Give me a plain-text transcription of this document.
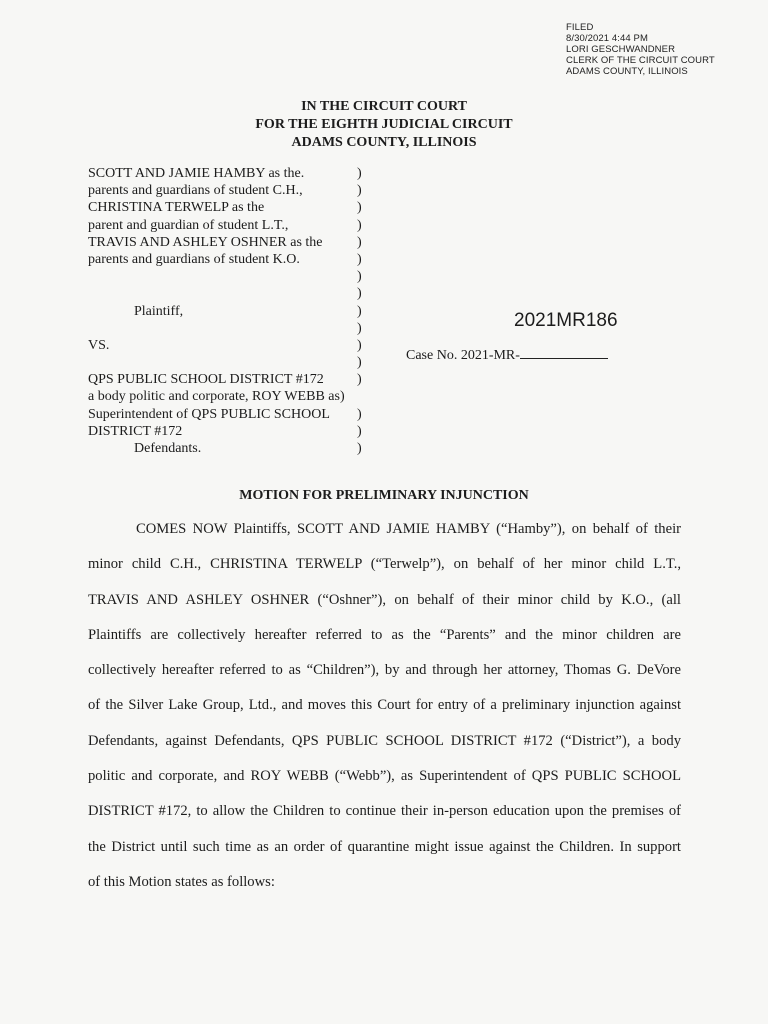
FILED
8/30/2021 4:44 PM
LORI GESCHWANDNER
CLERK OF THE CIRCUIT COURT
ADAMS COUNTY, ILLINOIS
IN THE CIRCUIT COURT
FOR THE EIGHTH JUDICIAL CIRCUIT
ADAMS COUNTY, ILLINOIS
SCOTT AND JAMIE HAMBY as the.
parents and guardians of student C.H.,
CHRISTINA TERWELP as the
parent and guardian of student L.T.,
TRAVIS AND ASHLEY OSHNER as the
parents and guardians of student K.O.
Plaintiff,
VS.
QPS PUBLIC SCHOOL DISTRICT #172
a body politic and corporate, ROY WEBB as)
Superintendent of QPS PUBLIC SCHOOL
DISTRICT #172
Defendants.
)
)
)
)
)
)
)
)
)
)
)
)
)
)
)
)
2021MR186
Case No. 2021-MR-
MOTION FOR PRELIMINARY INJUNCTION
COMES NOW Plaintiffs, SCOTT AND JAMIE HAMBY (“Hamby”), on behalf of their
minor child C.H., CHRISTINA TERWELP (“Terwelp”), on behalf of her minor child L.T.,
TRAVIS AND ASHLEY OSHNER (“Oshner”), on behalf of their minor child by K.O., (all
Plaintiffs are collectively hereafter referred to as the “Parents” and the minor children are
collectively hereafter referred to as “Children”), by and through her attorney, Thomas G. DeVore
of the Silver Lake Group, Ltd., and moves this Court for entry of a preliminary injunction against
Defendants, against Defendants, QPS PUBLIC SCHOOL DISTRICT #172 (“District”), a body
politic and corporate, and ROY WEBB (“Webb”), as Superintendent of QPS PUBLIC SCHOOL
DISTRICT #172, to allow the Children to continue their in-person education upon the premises of
the District until such time as an order of quarantine might issue against the Children. In support
of this Motion states as follows:
